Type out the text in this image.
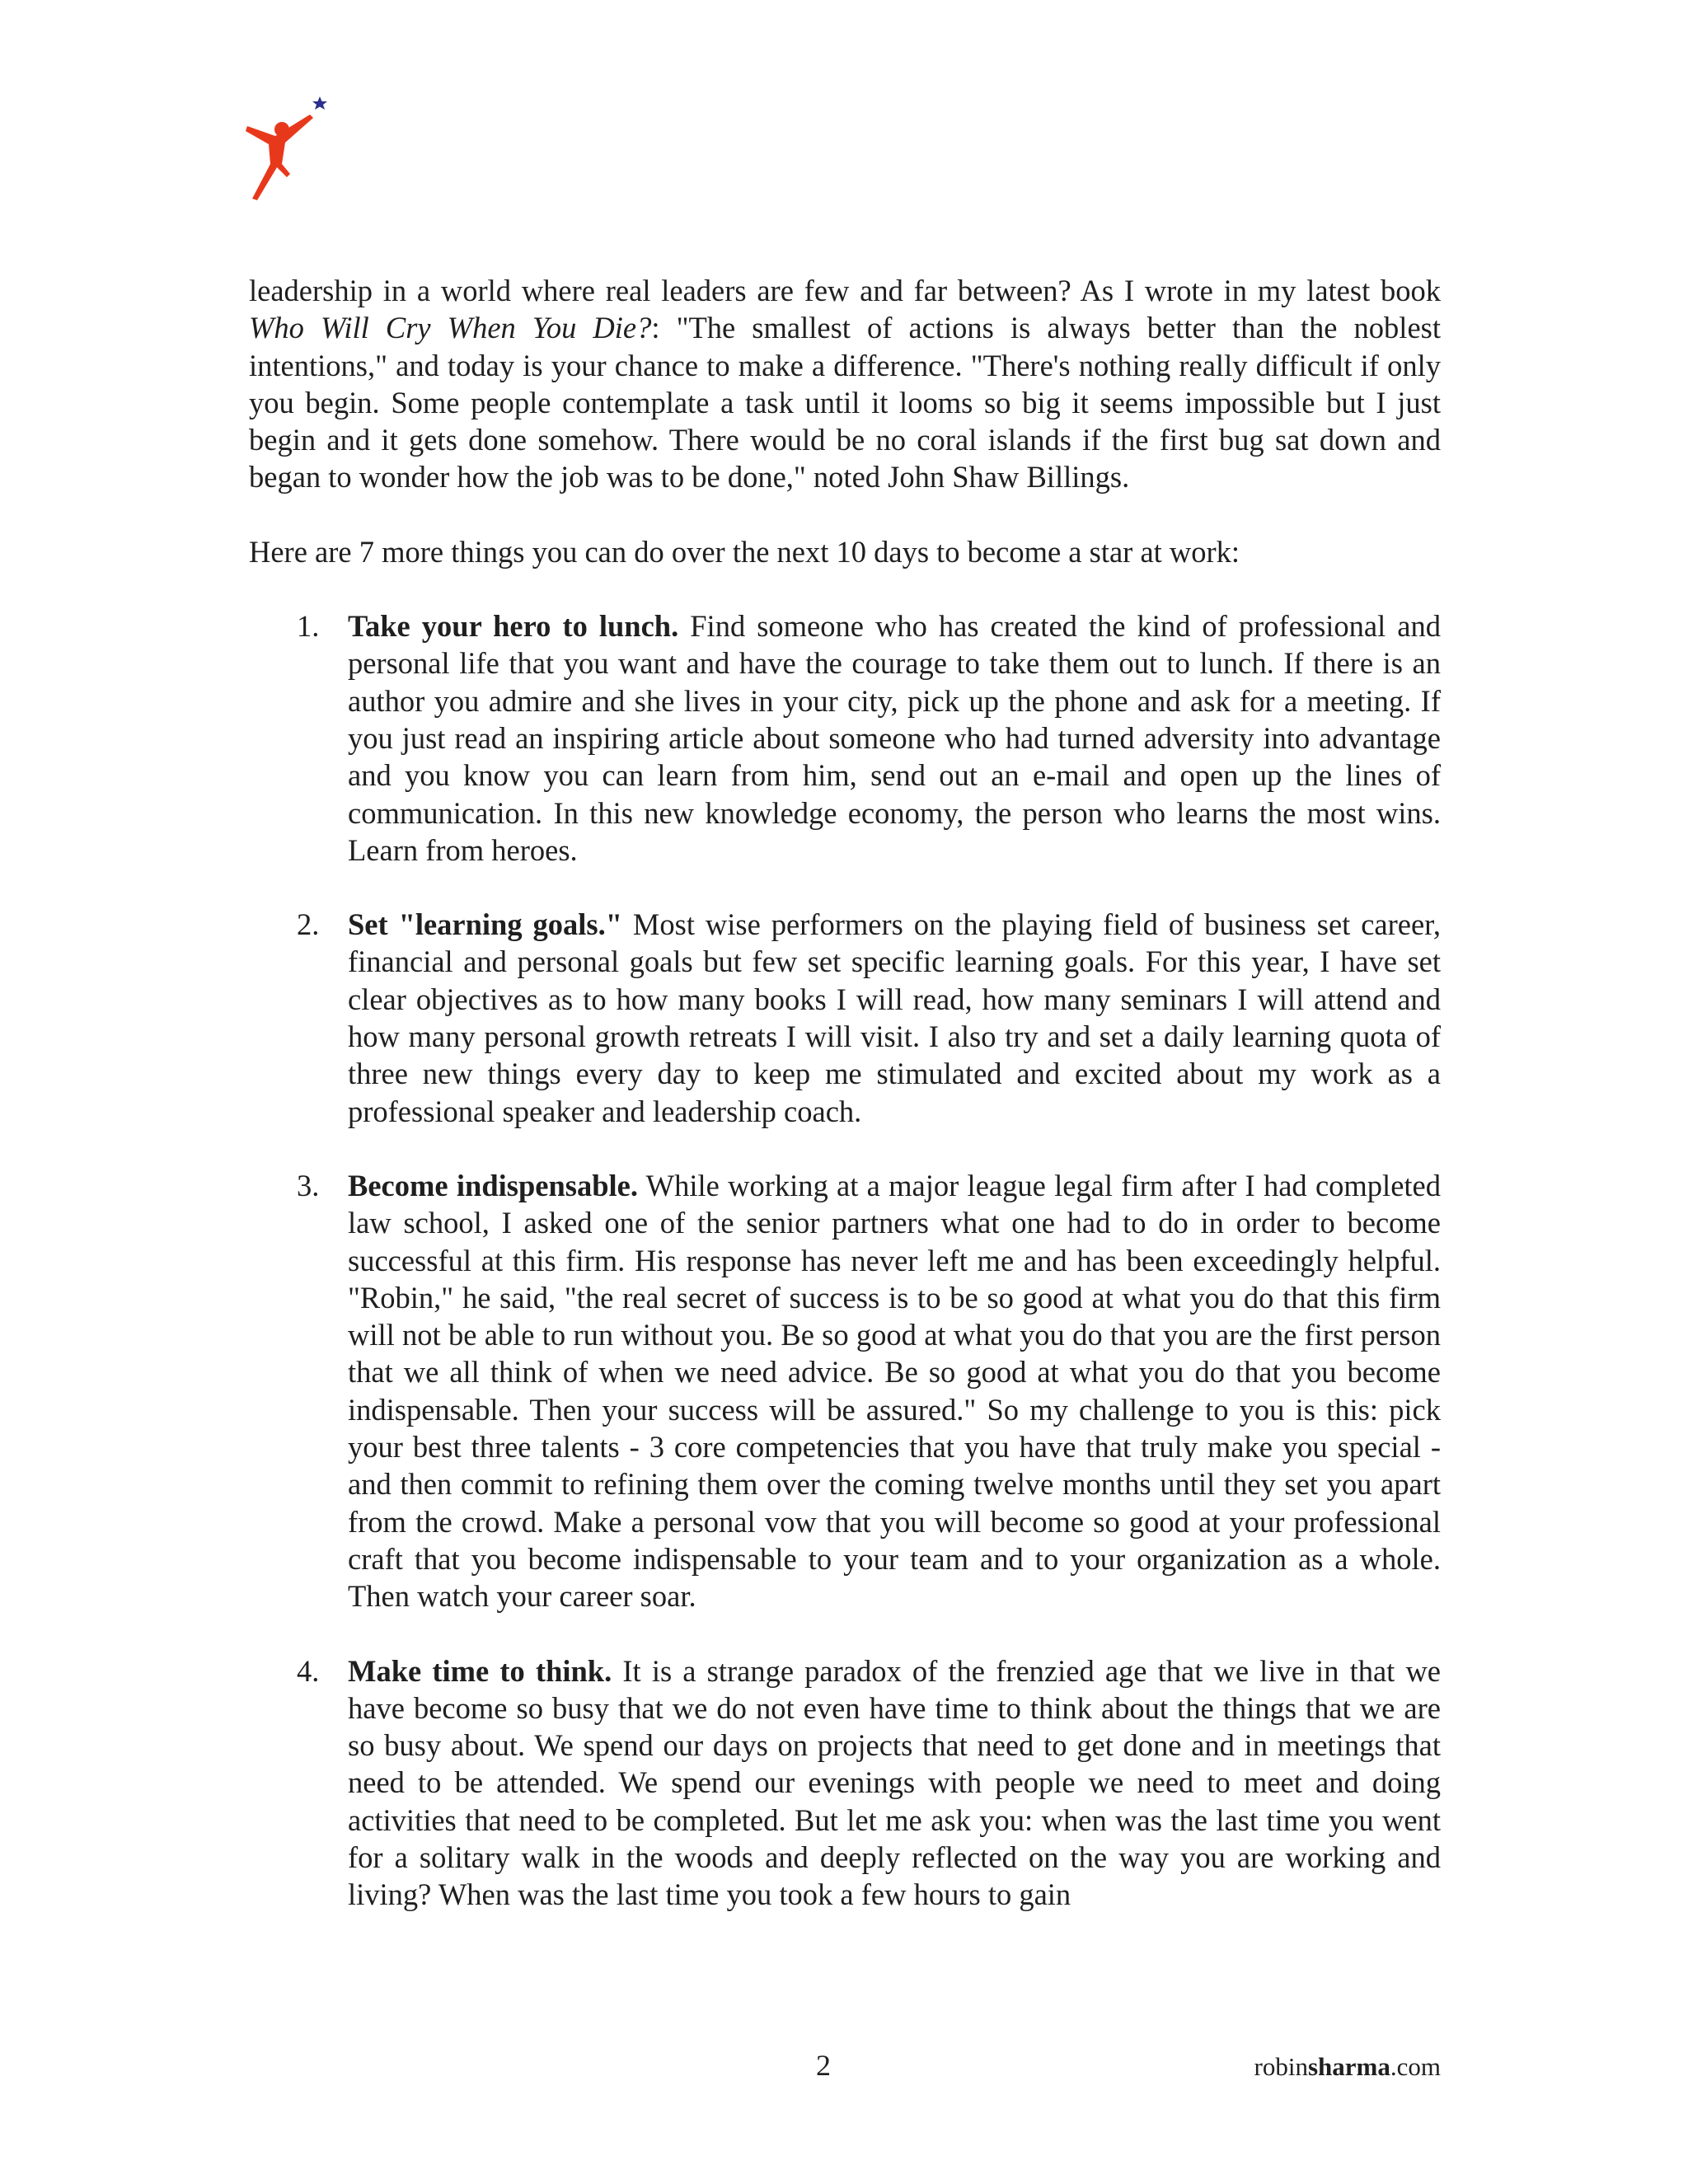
leadership in a world where real leaders are few and far between? As I wrote in my latest book Who Will Cry When You Die?: "The smallest of actions is always better than the noblest intentions," and today is your chance to make a difference. "There's nothing really difficult if only you begin. Some people contemplate a task until it looms so big it seems impossible but I just begin and it gets done somehow. There would be no coral islands if the first bug sat down and began to wonder how the job was to be done," noted John Shaw Billings.

Here are 7 more things you can do over the next 10 days to become a star at work:

1. Take your hero to lunch. Find someone who has created the kind of professional and personal life that you want and have the courage to take them out to lunch. If there is an author you admire and she lives in your city, pick up the phone and ask for a meeting. If you just read an inspiring article about someone who had turned adversity into advantage and you know you can learn from him, send out an e-mail and open up the lines of communication. In this new knowledge economy, the person who learns the most wins. Learn from heroes.
2. Set "learning goals." Most wise performers on the playing field of business set career, financial and personal goals but few set specific learning goals. For this year, I have set clear objectives as to how many books I will read, how many seminars I will attend and how many personal growth retreats I will visit. I also try and set a daily learning quota of three new things every day to keep me stimulated and excited about my work as a professional speaker and leadership coach.
3. Become indispensable. While working at a major league legal firm after I had completed law school, I asked one of the senior partners what one had to do in order to become successful at this firm. His response has never left me and has been exceedingly helpful. "Robin," he said, "the real secret of success is to be so good at what you do that this firm will not be able to run without you. Be so good at what you do that you are the first person that we all think of when we need advice. Be so good at what you do that you become indispensable. Then your success will be assured." So my challenge to you is this: pick your best three talents - 3 core competencies that you have that truly make you special - and then commit to refining them over the coming twelve months until they set you apart from the crowd. Make a personal vow that you will become so good at your professional craft that you become indispensable to your team and to your organization as a whole. Then watch your career soar.
4. Make time to think. It is a strange paradox of the frenzied age that we live in that we have become so busy that we do not even have time to think about the things that we are so busy about. We spend our days on projects that need to get done and in meetings that need to be attended. We spend our evenings with people we need to meet and doing activities that need to be completed. But let me ask you: when was the last time you went for a solitary walk in the woods and deeply reflected on the way you are working and living? When was the last time you took a few hours to gain
2	robinsharma.com
